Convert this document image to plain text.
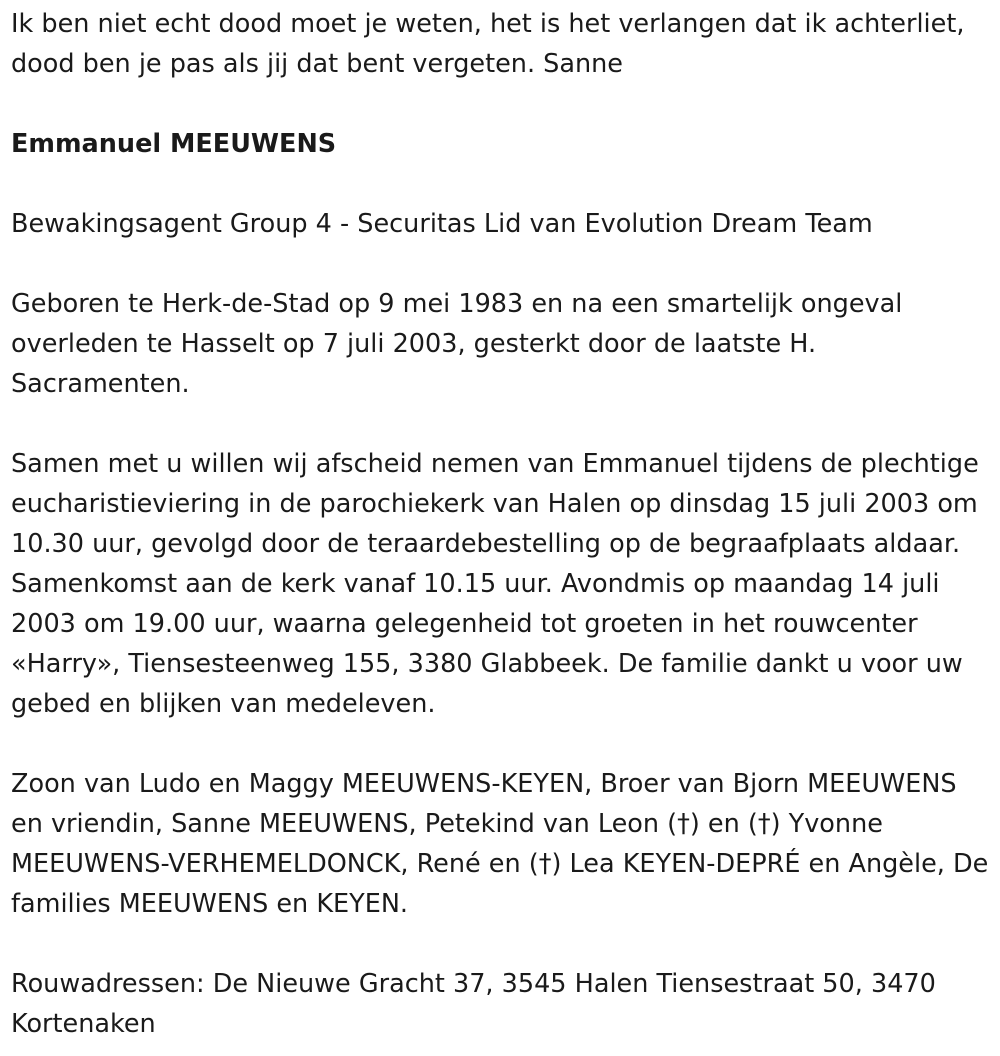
Ik ben niet echt dood moet je weten, het is het verlangen dat ik achterliet, dood ben je pas als jij dat bent vergeten. Sanne

Emmanuel MEEUWENS

Bewakingsagent Group 4 - Securitas Lid van Evolution Dream Team

Geboren te Herk-de-Stad op 9 mei 1983 en na een smartelijk ongeval overleden te Hasselt op 7 juli 2003, gesterkt door de laatste H. Sacramenten.

Samen met u willen wij afscheid nemen van Emmanuel tijdens de plechtige eucharistieviering in de parochiekerk van Halen op dinsdag 15 juli 2003 om 10.30 uur, gevolgd door de teraardebestelling op de begraafplaats aldaar. Samenkomst aan de kerk vanaf 10.15 uur. Avondmis op maandag 14 juli 2003 om 19.00 uur, waarna gelegenheid tot groeten in het rouwcenter «Harry», Tiensesteenweg 155, 3380 Glabbeek. De familie dankt u voor uw gebed en blijken van medeleven.

Zoon van Ludo en Maggy MEEUWENS-KEYEN, Broer van Bjorn MEEUWENS en vriendin, Sanne MEEUWENS, Petekind van Leon (†) en (†) Yvonne MEEUWENS-VERHEMELDONCK, René en (†) Lea KEYEN-DEPRÉ en Angèle, De families MEEUWENS en KEYEN.

Rouwadressen: De Nieuwe Gracht 37, 3545 Halen Tiensestraat 50, 3470 Kortenaken
